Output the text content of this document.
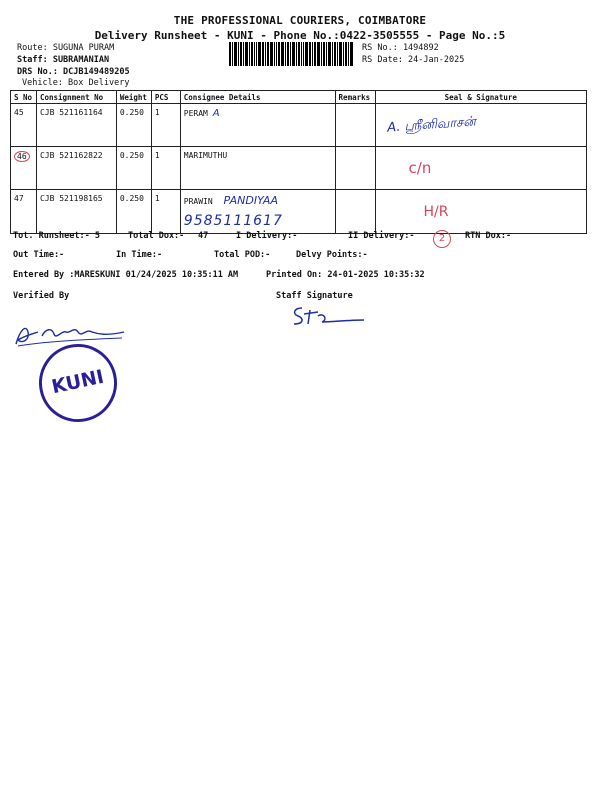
THE PROFESSIONAL COURIERS, COIMBATORE
Delivery Runsheet - KUNI - Phone No.:0422-3505555 - Page No.:5
Route: SUGUNA PURAM
Staff: SUBRAMANIAN
DRS No.: DCJB149489205
Vehicle: Box Delivery
RS No.: 1494892
RS Date: 24-Jan-2025
S No	Consignment No	Weight	PCS	Consignee Details	Remarks	Seal & Signature
45	CJB 521161164	0.250	1	PERAM A		A. ஸ்ரீனிவாசன்

46	CJB 521162822	0.250	1	MARIMUTHU		c/n

47	CJB 521198165	0.250	1	PRAWIN PANDIYAA
9585111617		H/R
Tot. Runsheet:- 5	Total Dox:- 47	I Delivery:-	II Delivery:-	2	RTN Dox:-
Out Time:-	In Time:-	Total POD:-	Delvy Points:-
Entered By :MARESKUNI 01/24/2025 10:35:11 AM	Printed On: 24-01-2025 10:35:32
Verified By	Staff Signature
KUNI
